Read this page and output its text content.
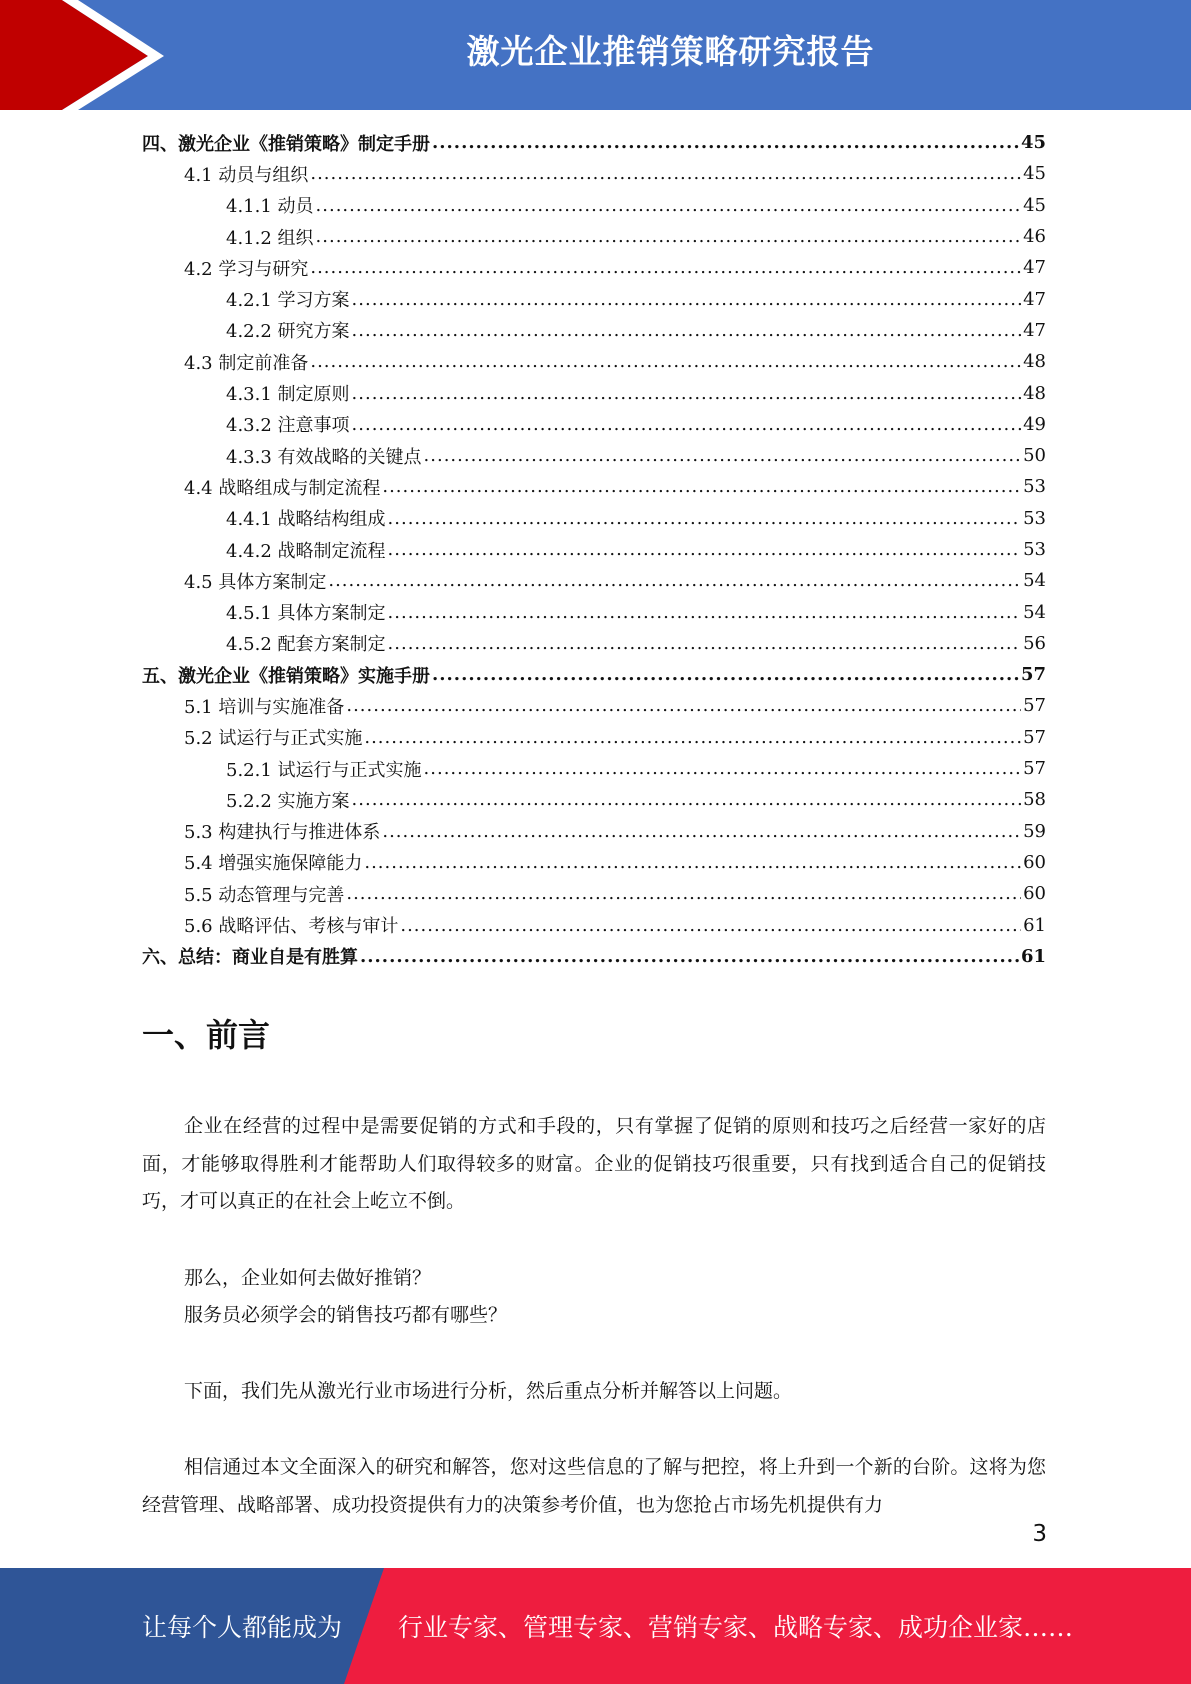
激光企业推销策略研究报告
四、激光企业《推销策略》制定手册 .....	45
4.1 动员与组织 .....	45
4.1.1 动员 .....	45
4.1.2 组织 .....	46
4.2 学习与研究 .....	47
4.2.1 学习方案 .....	47
4.2.2 研究方案 .....	47
4.3 制定前准备 .....	48
4.3.1 制定原则 .....	48
4.3.2 注意事项 .....	49
4.3.3 有效战略的关键点 .....	50
4.4 战略组成与制定流程 .....	53
4.4.1 战略结构组成 .....	53
4.4.2 战略制定流程 .....	53
4.5 具体方案制定 .....	54
4.5.1 具体方案制定 .....	54
4.5.2 配套方案制定 .....	56
五、激光企业《推销策略》实施手册 .....	57
5.1 培训与实施准备 .....	57
5.2 试运行与正式实施 .....	57
5.2.1 试运行与正式实施 .....	57
5.2.2 实施方案 .....	58
5.3 构建执行与推进体系 .....	59
5.4 增强实施保障能力 .....	60
5.5 动态管理与完善 .....	60
5.6 战略评估、考核与审计 .....	61
六、总结：商业自是有胜算 .....	61
一、前言

企业在经营的过程中是需要促销的方式和手段的，只有掌握了促销的原则和技巧之后经营一家好的店面，才能够取得胜利才能帮助人们取得较多的财富。企业的促销技巧很重要，只有找到适合自己的促销技巧，才可以真正的在社会上屹立不倒。

那么，企业如何去做好推销？

服务员必须学会的销售技巧都有哪些？

下面，我们先从激光行业市场进行分析，然后重点分析并解答以上问题。

相信通过本文全面深入的研究和解答，您对这些信息的了解与把控，将上升到一个新的台阶。这将为您经营管理、战略部署、成功投资提供有力的决策参考价值，也为您抢占市场先机提供有力

3
让每个人都能成为 行业专家、管理专家、营销专家、战略专家、成功企业家……
